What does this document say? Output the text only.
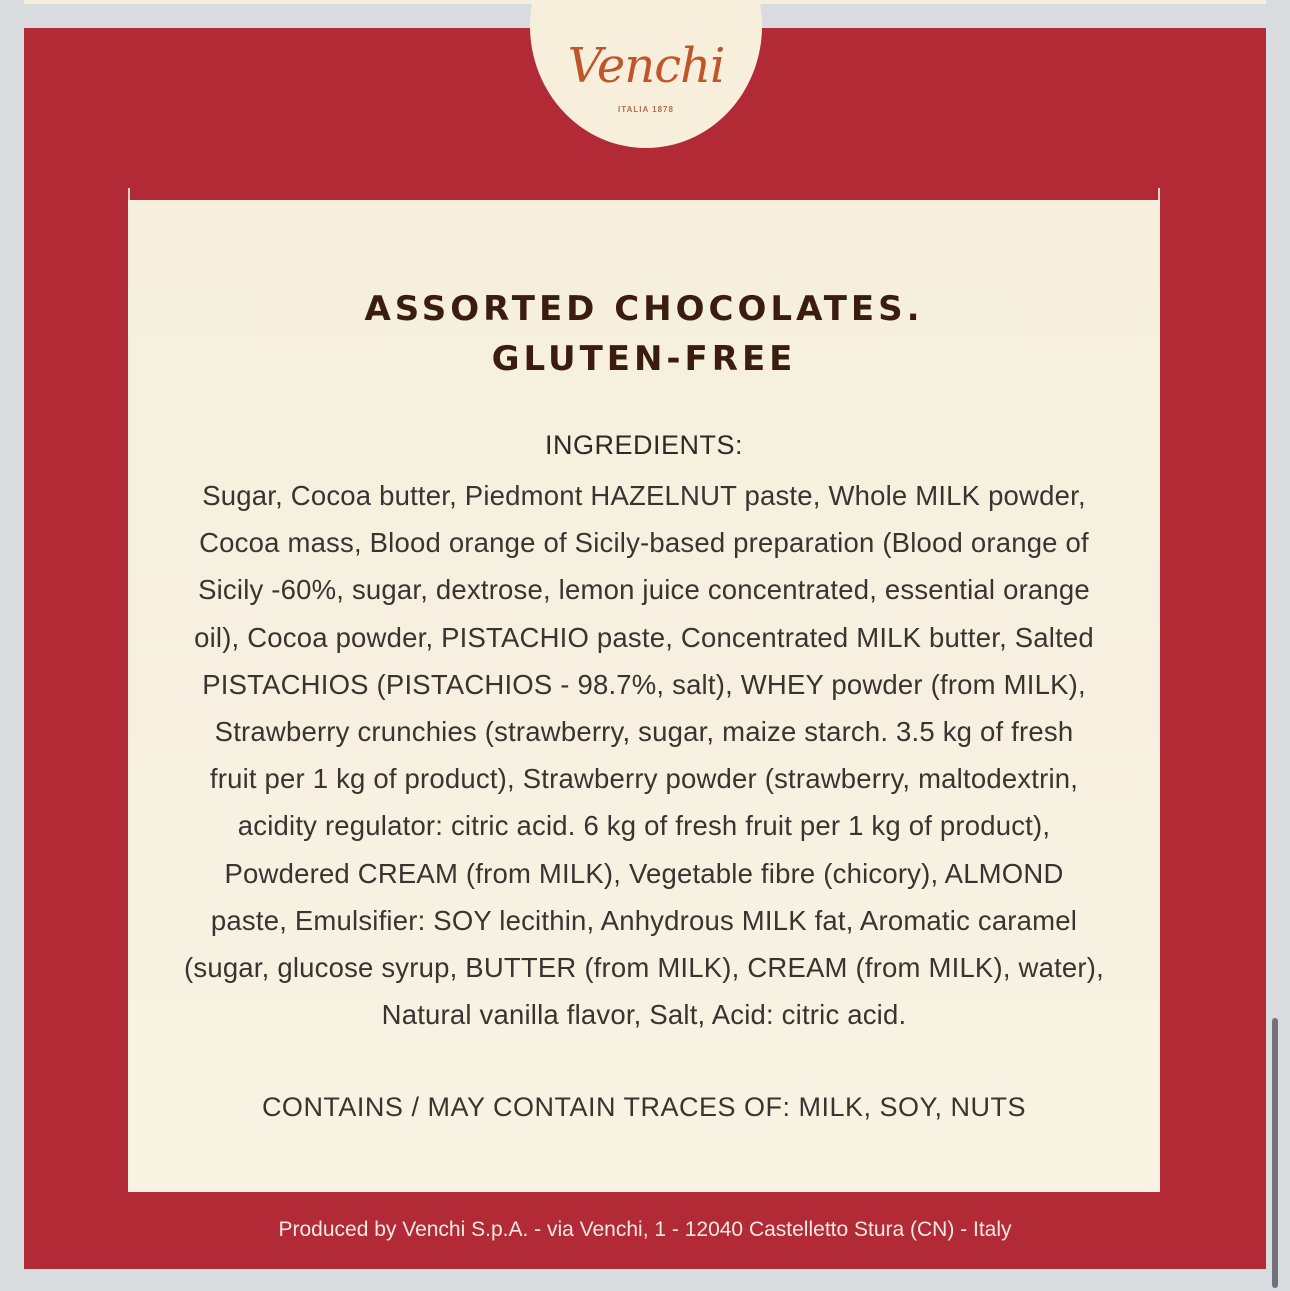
Venchi
ITALIA 1878
ASSORTED CHOCOLATES.
GLUTEN-FREE
INGREDIENTS:
Sugar, Cocoa butter, Piedmont HAZELNUT paste, Whole MILK powder,
Cocoa mass, Blood orange of Sicily-based preparation (Blood orange of
Sicily -60%, sugar, dextrose, lemon juice concentrated, essential orange
oil), Cocoa powder, PISTACHIO paste, Concentrated MILK butter, Salted
PISTACHIOS (PISTACHIOS - 98.7%, salt), WHEY powder (from MILK),
Strawberry crunchies (strawberry, sugar, maize starch. 3.5 kg of fresh
fruit per 1 kg of product), Strawberry powder (strawberry, maltodextrin,
acidity regulator: citric acid. 6 kg of fresh fruit per 1 kg of product),
Powdered CREAM (from MILK), Vegetable fibre (chicory), ALMOND
paste, Emulsifier: SOY lecithin, Anhydrous MILK fat, Aromatic caramel
(sugar, glucose syrup, BUTTER (from MILK), CREAM (from MILK), water),
Natural vanilla flavor, Salt, Acid: citric acid.
CONTAINS / MAY CONTAIN TRACES OF: MILK, SOY, NUTS
Produced by Venchi S.p.A. - via Venchi, 1 - 12040 Castelletto Stura (CN) - Italy
